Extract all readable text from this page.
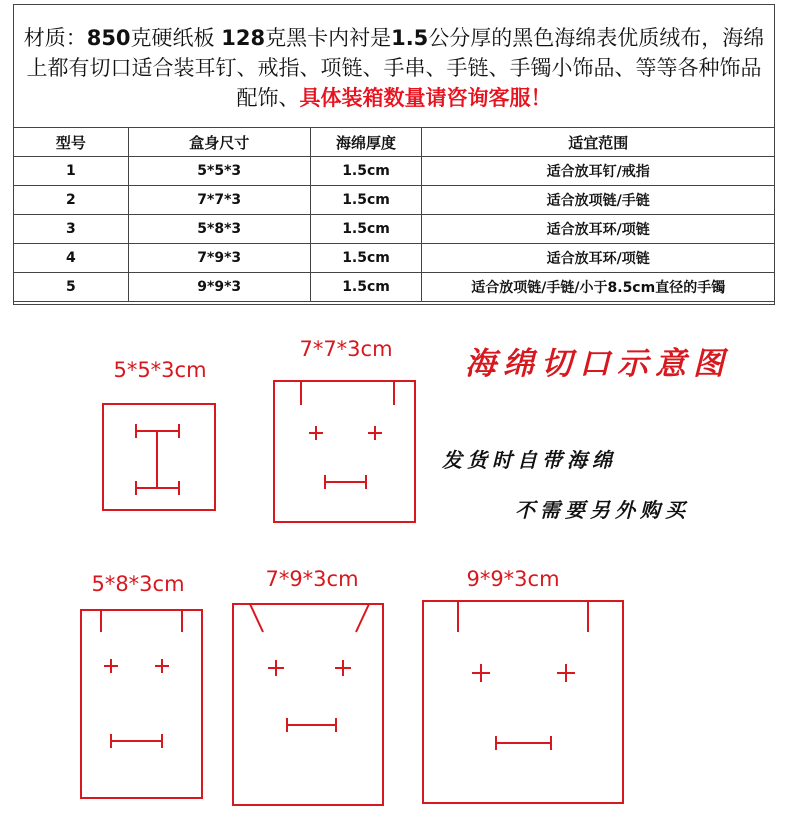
材质：850克硬纸板 128克黑卡内衬是1.5公分厚的黑色海绵表优质绒布，海绵上都有切口适合装耳钉、戒指、项链、手串、手链、手镯小饰品、等等各种饰品配饰、具体装箱数量请咨询客服！
型号	盒身尺寸	海绵厚度	适宜范围
1	5*5*3	1.5cm	适合放耳钉/戒指
2	7*7*3	1.5cm	适合放项链/手链
3	5*8*3	1.5cm	适合放耳环/项链
4	7*9*3	1.5cm	适合放耳环/项链
5	9*9*3	1.5cm	适合放项链/手链/小于8.5cm直径的手镯
5*5*3cm
7*7*3cm
5*8*3cm	7*9*3cm	9*9*3cm
海绵切口示意图
发货时自带海绵
不需要另外购买
